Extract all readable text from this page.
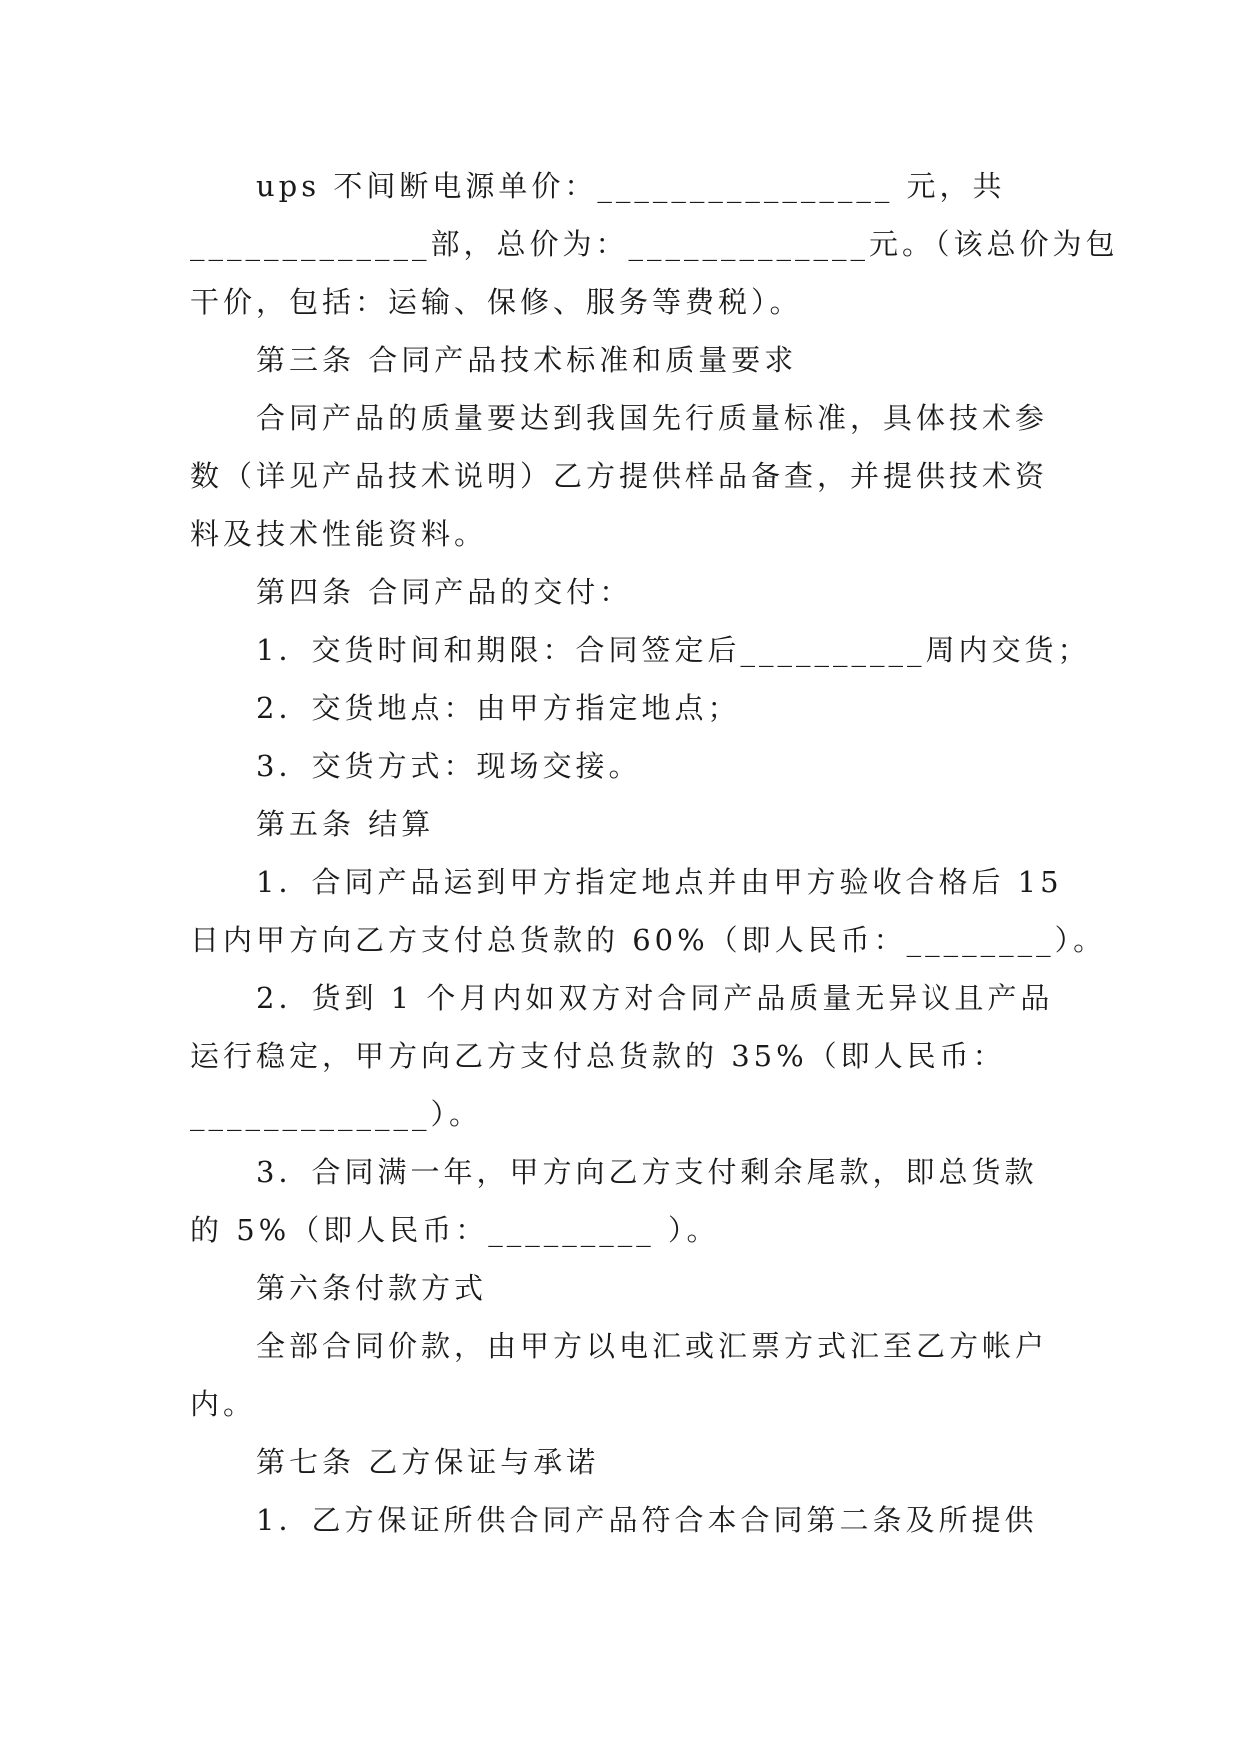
ups 不间断电源单价：________________ 元，共
_____________部，总价为：_____________元。（该总价为包
干价，包括：运输、保修、服务等费税）。
第三条 合同产品技术标准和质量要求
合同产品的质量要达到我国先行质量标准，具体技术参
数（详见产品技术说明）乙方提供样品备查，并提供技术资
料及技术性能资料。
第四条 合同产品的交付：
1．交货时间和期限：合同签定后__________周内交货；
2．交货地点：由甲方指定地点；
3．交货方式：现场交接。
第五条 结算
1．合同产品运到甲方指定地点并由甲方验收合格后 15
日内甲方向乙方支付总货款的 60%（即人民币：________）。
2．货到 1 个月内如双方对合同产品质量无异议且产品
运行稳定，甲方向乙方支付总货款的 35%（即人民币：
_____________）。
3．合同满一年，甲方向乙方支付剩余尾款，即总货款
的 5%（即人民币：_________ ）。
第六条付款方式
全部合同价款，由甲方以电汇或汇票方式汇至乙方帐户
内。
第七条 乙方保证与承诺
1．乙方保证所供合同产品符合本合同第二条及所提供
